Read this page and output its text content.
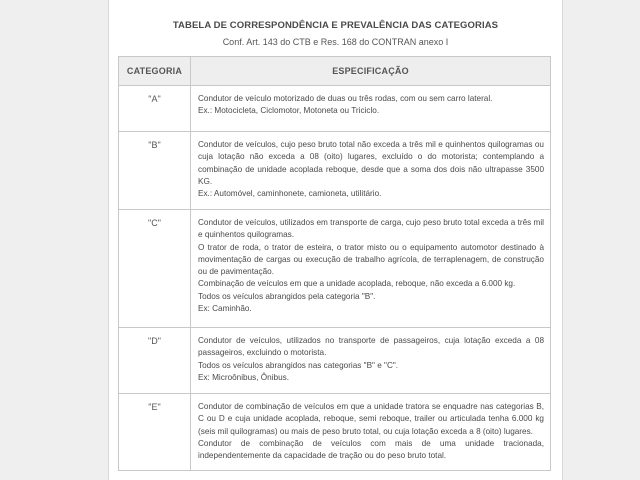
TABELA DE CORRESPONDÊNCIA E PREVALÊNCIA DAS CATEGORIAS
Conf. Art. 143 do CTB e Res. 168 do CONTRAN anexo I
CATEGORIA	ESPECIFICAÇÃO
"A"	Condutor de veículo motorizado de duas ou três rodas, com ou sem carro lateral.

Ex.: Motocicleta, Ciclomotor, Motoneta ou Triciclo.

"B"	Condutor de veículos, cujo peso bruto total não exceda a três mil e quinhentos quilogramas ou cuja lotação não exceda a 08 (oito) lugares, excluído o do motorista; contemplando a combinação de unidade acoplada reboque, desde que a soma dos dois não ultrapasse 3500 KG.

Ex.: Automóvel, caminhonete, camioneta, utilitário.

"C"	Condutor de veículos, utilizados em transporte de carga, cujo peso bruto total exceda a três mil e quinhentos quilogramas.

O trator de roda, o trator de esteira, o trator misto ou o equipamento automotor destinado à movimentação de cargas ou execução de trabalho agrícola, de terraplenagem, de construção ou de pavimentação.

Combinação de veículos em que a unidade acoplada, reboque, não exceda a 6.000 kg.

Todos os veículos abrangidos pela categoria "B".

Ex: Caminhão.

"D"	Condutor de veículos, utilizados no transporte de passageiros, cuja lotação exceda a 08 passageiros, excluindo o motorista.

Todos os veículos abrangidos nas categorias "B" e "C".

Ex: Microônibus, Ônibus.

"E"	Condutor de combinação de veículos em que a unidade tratora se enquadre nas categorias B, C ou D e cuja unidade acoplada, reboque, semi reboque, trailer ou articulada tenha 6.000 kg (seis mil quilogramas) ou mais de peso bruto total, ou cuja lotação exceda a 8 (oito) lugares.

Condutor de combinação de veículos com mais de uma unidade tracionada, independentemente da capacidade de tração ou do peso bruto total.
